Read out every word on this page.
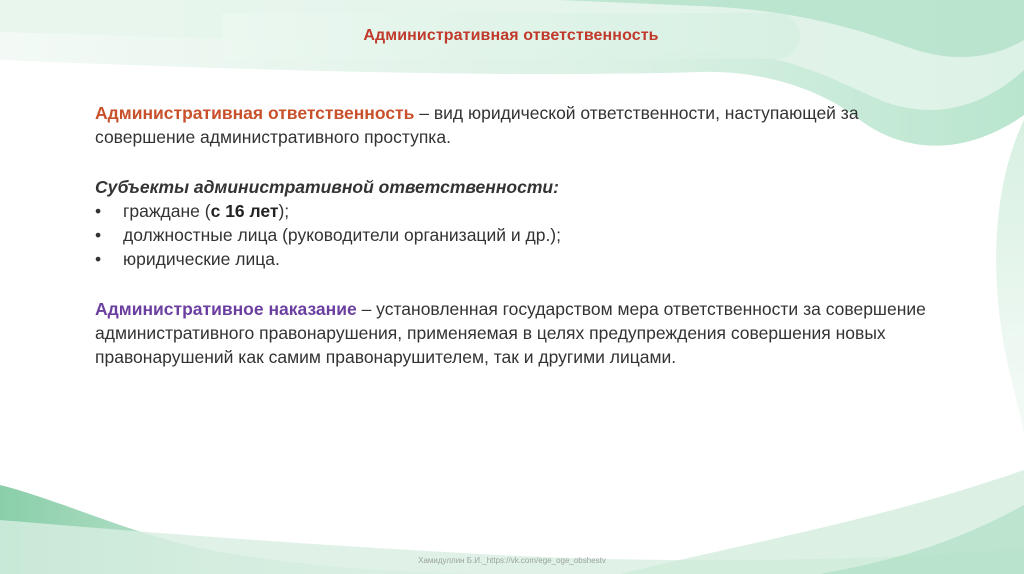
Административная ответственность

Административная ответственность – вид юридической ответственности, наступающей за совершение административного проступка.

Субъекты административной ответственности:

• граждане (с 16 лет);
• должностные лица (руководители организаций и др.);
• юридические лица.

Административное наказание – установленная государством мера ответственности за совершение административного правонарушения, применяемая в целях предупреждения совершения новых правонарушений как самим правонарушителем, так и другими лицами.

Хамидуллин Б.И._https://vk.com/ege_oge_obshestv
